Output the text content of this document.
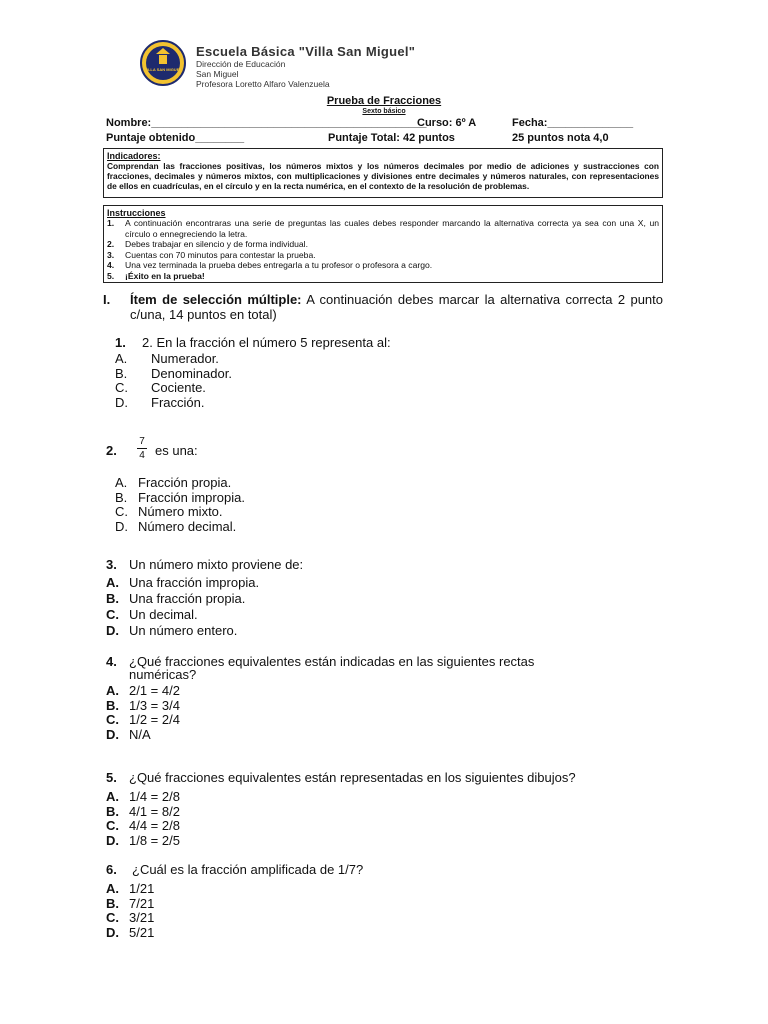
VILLA SAN MIGUEL
Escuela Básica "Villa San Miguel"
Dirección de Educación
San Miguel
Profesora Loretto Alfaro Valenzuela
Prueba de Fracciones
Sexto básico
Nombre:_____________________________________________
Curso: 6º A	Fecha:______________
Puntaje obtenido________	Puntaje Total: 42 puntos	25 puntos nota 4,0
Indicadores:
Comprendan las fracciones positivas, los números mixtos y los números decimales por medio de adiciones y sustracciones con fracciones, decimales y números mixtos, con multiplicaciones y divisiones entre decimales y números naturales, con representaciones de ellos en cuadrículas, en el círculo y en la recta numérica, en el contexto de la resolución de problemas.
Instrucciones
1.	A continuación encontraras una serie de preguntas las cuales debes responder marcando la alternativa correcta ya sea con una X, un círculo o ennegreciendo la letra.
2.	Debes trabajar en silencio y de forma individual.
3.	Cuentas con 70 minutos para contestar la prueba.
4.	Una vez terminada la prueba debes entregarla a tu profesor o profesora a cargo.
5.	¡Éxito en la prueba!
I. Ítem de selección múltiple: A continuación debes marcar la alternativa correcta 2 punto c/una, 14 puntos en total)
1. 2. En la fracción el número 5 representa al:
A. Numerador.
B. Denominador.
C. Cociente.
D. Fracción.
2.
7
4 es una:
A. Fracción propia.
B. Fracción impropia.
C. Número mixto.
D. Número decimal.
3. Un número mixto proviene de:
A. Una fracción impropia.
B. Una fracción propia.
C. Un decimal.
D. Un número entero.
4. ¿Qué fracciones equivalentes están indicadas en las siguientes rectas
numéricas?
A. 2/1 = 4/2
B. 1/3 = 3/4
C. 1/2 = 2/4
D. N/A
5. ¿Qué fracciones equivalentes están representadas en los siguientes dibujos?
A. 1/4 = 2/8
B. 4/1 = 8/2
C. 4/4 = 2/8
D. 1/8 = 2/5
6. ¿Cuál es la fracción amplificada de 1/7?
A. 1/21
B. 7/21
C. 3/21
D. 5/21
